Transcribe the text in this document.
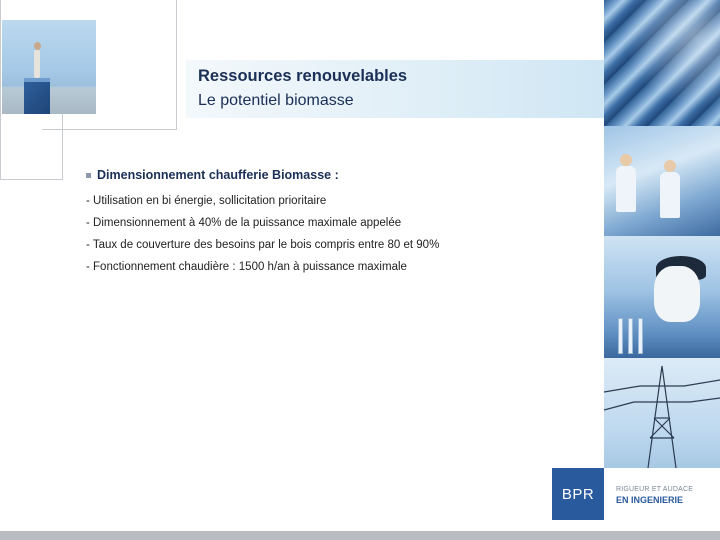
Ressources renouvelables
Le potentiel biomasse
Dimensionnement chaufferie Biomasse :
- Utilisation en bi énergie, sollicitation prioritaire
- Dimensionnement à 40% de la puissance maximale appelée
- Taux de couverture des besoins par le bois compris entre 80 et 90%
- Fonctionnement chaudière : 1500 h/an à puissance maximale
BPR	RIGUEUR ET AUDACE
EN INGENIERIE
